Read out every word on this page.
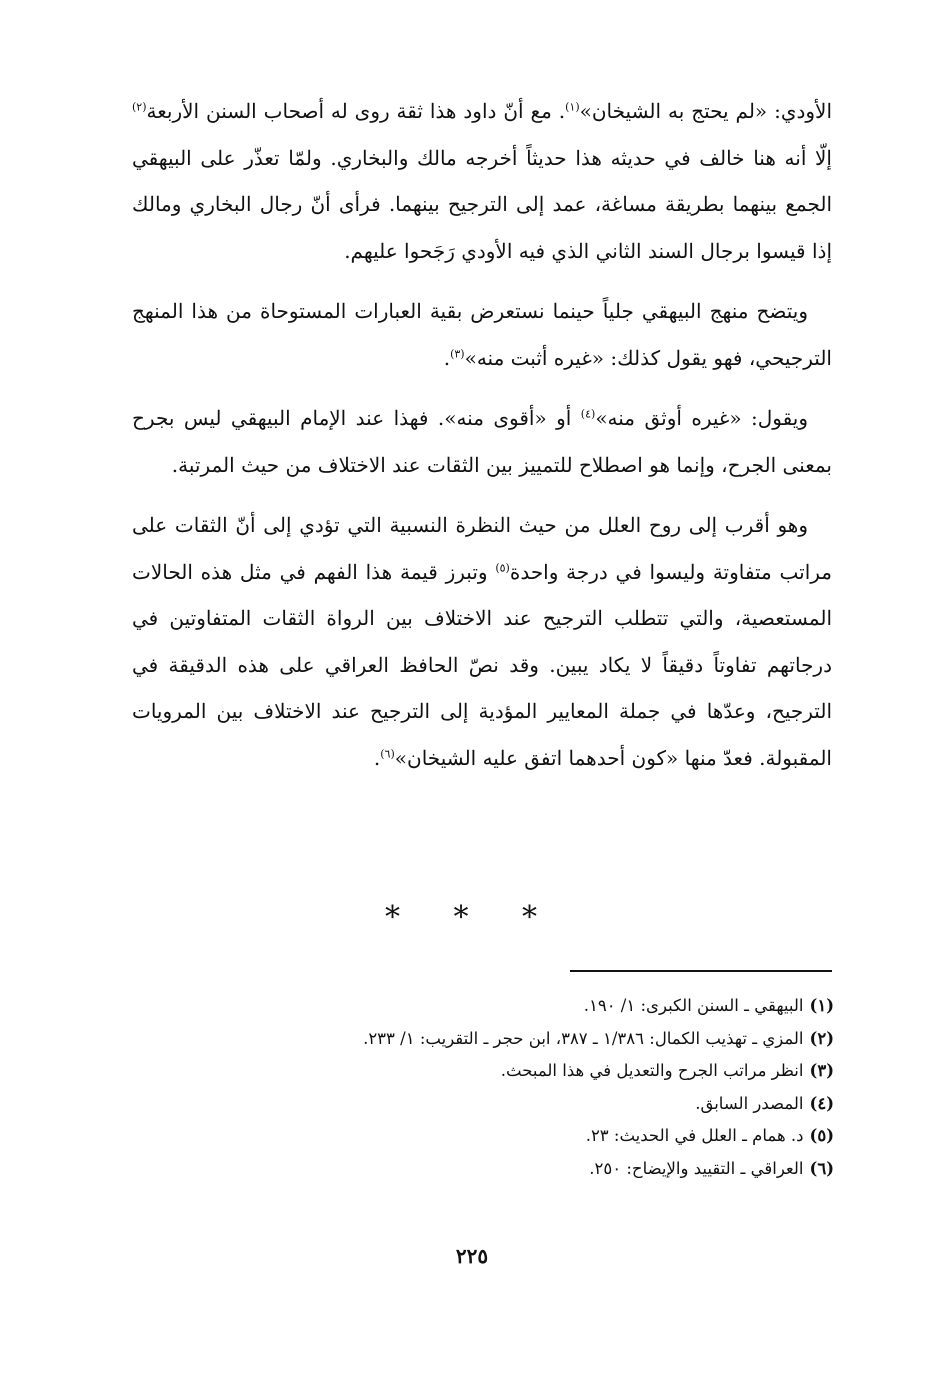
الأودي: «لم يحتج به الشيخان»$^{(١)}$. مع أنّ داود هذا ثقة روى له أصحاب السنن الأربعة$^{(٢)}$ إلّا أنه هنا خالف في حديثه هذا حديثاً أخرجه مالك والبخاري. ولمّا تعذّر على البيهقي الجمع بينهما بطريقة مساغة، عمد إلى الترجيح بينهما. فرأى أنّ رجال البخاري ومالك إذا قيسوا برجال السند الثاني الذي فيه الأودي رَجَحوا عليهم.

ويتضح منهج البيهقي جلياً حينما نستعرض بقية العبارات المستوحاة من هذا المنهج الترجيحي، فهو يقول كذلك: «غيره أثبت منه»$^{(٣)}$.

ويقول: «غيره أوثق منه»$^{(٤)}$ أو «أقوى منه». فهذا عند الإمام البيهقي ليس بجرح بمعنى الجرح، وإنما هو اصطلاح للتمييز بين الثقات عند الاختلاف من حيث المرتبة.

وهو أقرب إلى روح العلل من حيث النظرة النسبية التي تؤدي إلى أنّ الثقات على مراتب متفاوتة وليسوا في درجة واحدة$^{(٥)}$ وتبرز قيمة هذا الفهم في مثل هذه الحالات المستعصية، والتي تتطلب الترجيح عند الاختلاف بين الرواة الثقات المتفاوتين في درجاتهم تفاوتاً دقيقاً لا يكاد يبين. وقد نصّ الحافظ العراقي على هذه الدقيقة في الترجيح، وعدّها في جملة المعايير المؤدية إلى الترجيح عند الاختلاف بين المرويات المقبولة. فعدّ منها «كون أحدهما اتفق عليه الشيخان»$^{(٦)}$.

* * *
(١)البيهقي ـ السنن الكبرى: ١/ ١٩٠.
(٢)المزي ـ تهذيب الكمال: ١/٣٨٦ ـ ٣٨٧، ابن حجر ـ التقريب: ١/ ٢٣٣.
(٣)انظر مراتب الجرح والتعديل في هذا المبحث.
(٤)المصدر السابق.
(٥)د. همام ـ العلل في الحديث: ٢٣.
(٦)العراقي ـ التقييد والإيضاح: ٢٥٠.
٢٢٥
